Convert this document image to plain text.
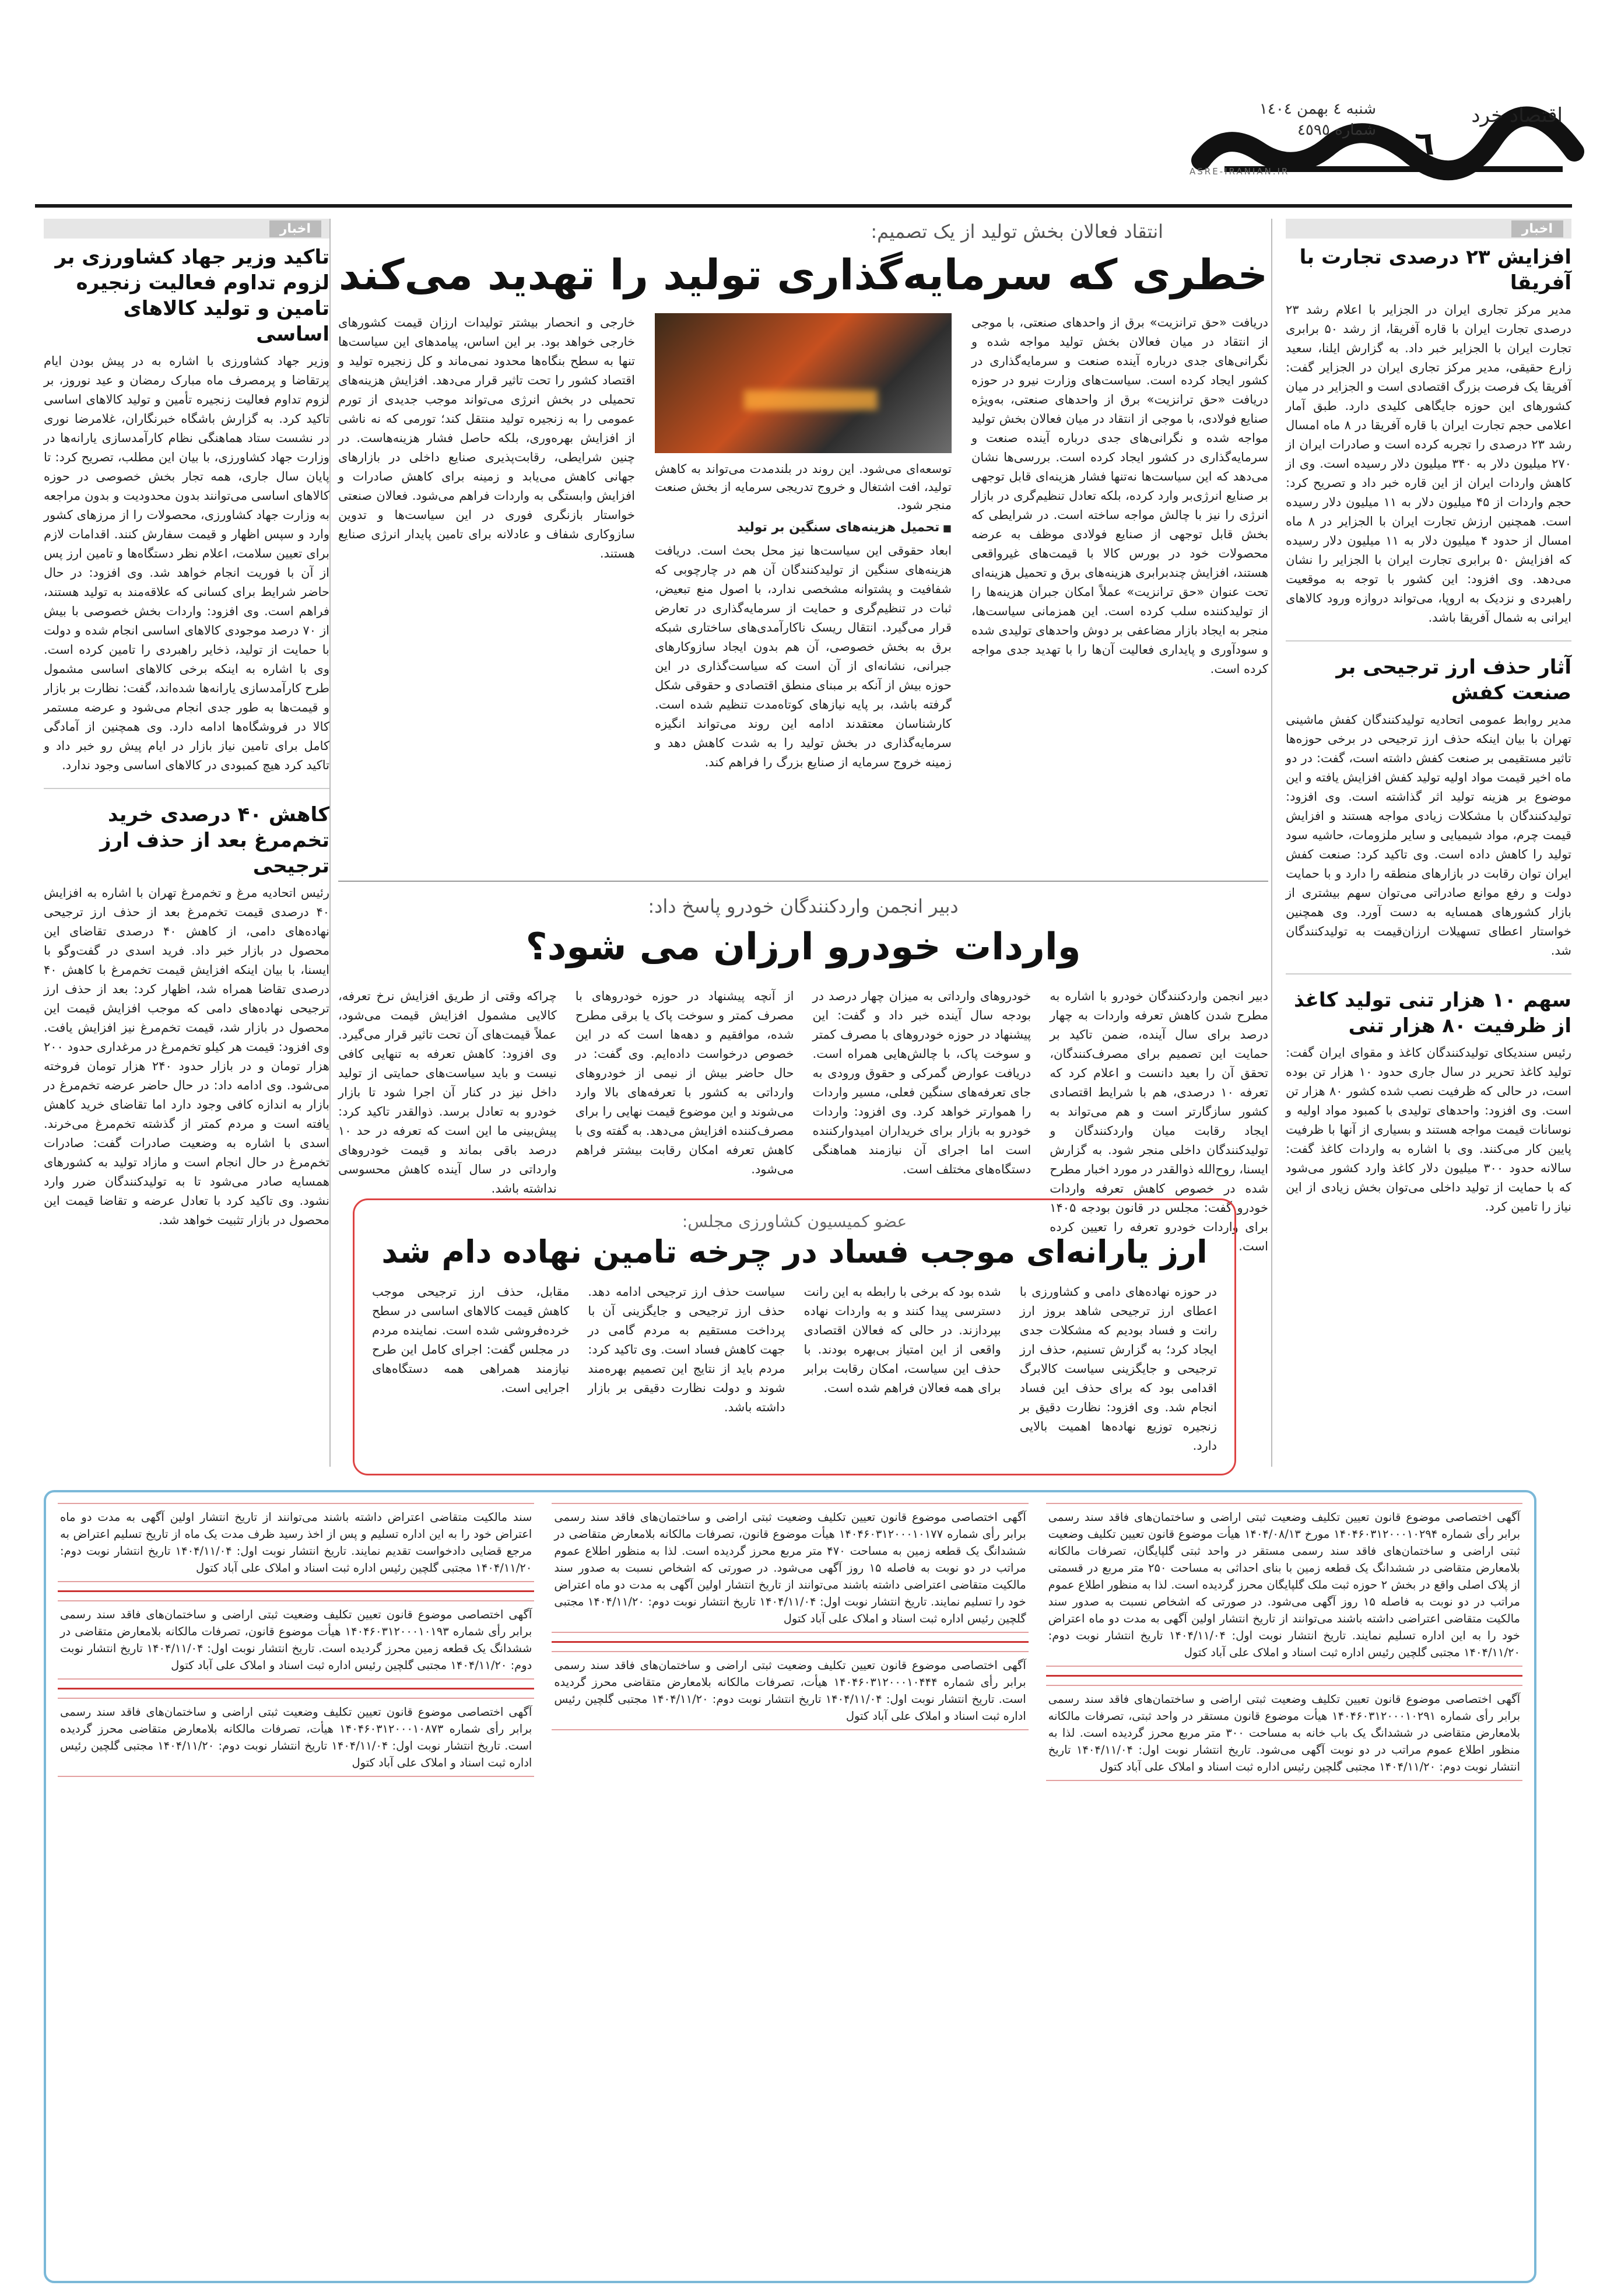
ASRE-IRANIAN.IR
اقتصاد خرد
٦
شنبه ٤ بهمن ١٤٠٤
شماره ٤٥٩٥
اخبار
افزایش ۲۳ درصدی تجارت با آفریقا
مدیر مرکز تجاری ایران در الجزایر با اعلام رشد ۲۳ درصدی تجارت ایران با قاره آفریقا، از رشد ۵۰ برابری تجارت ایران با الجزایر خبر داد. به گزارش ایلنا، سعید زارع حقیقی، مدیر مرکز تجاری ایران در الجزایر گفت: آفریقا یک فرصت بزرگ اقتصادی است و الجزایر در میان کشورهای این حوزه جایگاهی کلیدی دارد. طبق آمار اعلامی حجم تجارت ایران با قاره آفریقا در ۸ ماه امسال رشد ۲۳ درصدی را تجربه کرده است و صادرات ایران از ۲۷۰ میلیون دلار به ۳۴۰ میلیون دلار رسیده است. وی از کاهش واردات ایران از این قاره خبر داد و تصریح کرد: حجم واردات از ۴۵ میلیون دلار به ۱۱ میلیون دلار رسیده است. همچنین ارزش تجارت ایران با الجزایر در ۸ ماه امسال از حدود ۴ میلیون دلار به ۱۱ میلیون دلار رسیده که افزایش ۵۰ برابری تجارت ایران با الجزایر را نشان می‌دهد. وی افزود: این کشور با توجه به موقعیت راهبردی و نزدیک به اروپا، می‌تواند دروازه ورود کالاهای ایرانی به شمال آفریقا باشد.
آثار حذف ارز ترجیحی بر صنعت کفش
مدیر روابط عمومی اتحادیه تولیدکنندگان کفش ماشینی تهران با بیان اینکه حذف ارز ترجیحی در برخی حوزه‌ها تاثیر مستقیمی بر صنعت کفش داشته است، گفت: در دو ماه اخیر قیمت مواد اولیه تولید کفش افزایش یافته و این موضوع بر هزینه تولید اثر گذاشته است. وی افزود: تولیدکنندگان با مشکلات زیادی مواجه هستند و افزایش قیمت چرم، مواد شیمیایی و سایر ملزومات، حاشیه سود تولید را کاهش داده است. وی تاکید کرد: صنعت کفش ایران توان رقابت در بازارهای منطقه را دارد و با حمایت دولت و رفع موانع صادراتی می‌توان سهم بیشتری از بازار کشورهای همسایه به دست آورد. وی همچنین خواستار اعطای تسهیلات ارزان‌قیمت به تولیدکنندگان شد.
سهم ۱۰ هزار تنی تولید کاغذ از ظرفیت ۸۰ هزار تنی
رئیس سندیکای تولیدکنندگان کاغذ و مقوای ایران گفت: تولید کاغذ تحریر در سال جاری حدود ۱۰ هزار تن بوده است، در حالی که ظرفیت نصب شده کشور ۸۰ هزار تن است. وی افزود: واحدهای تولیدی با کمبود مواد اولیه و نوسانات قیمت مواجه هستند و بسیاری از آنها با ظرفیت پایین کار می‌کنند. وی با اشاره به واردات کاغذ گفت: سالانه حدود ۳۰۰ میلیون دلار کاغذ وارد کشور می‌شود که با حمایت از تولید داخلی می‌توان بخش زیادی از این نیاز را تامین کرد.

انتقاد فعالان بخش تولید از یک تصمیم:

خطری که سرمایه‌گذاری تولید را تهدید می‌کند
دریافت «حق ترانزیت» برق از واحدهای صنعتی، با موجی از انتقاد در میان فعالان بخش تولید مواجه شده و نگرانی‌های جدی درباره آینده صنعت و سرمایه‌گذاری در کشور ایجاد کرده است. سیاست‌های وزارت نیرو در حوزه دریافت «حق ترانزیت» برق از واحدهای صنعتی، به‌ویژه صنایع فولادی، با موجی از انتقاد در میان فعالان بخش تولید مواجه شده و نگرانی‌های جدی درباره آینده صنعت و سرمایه‌گذاری در کشور ایجاد کرده است. بررسی‌ها نشان می‌دهد که این سیاست‌ها نه‌تنها فشار هزینه‌ای قابل توجهی بر صنایع انرژی‌بر وارد کرده، بلکه تعادل تنظیم‌گری در بازار انرژی را نیز با چالش مواجه ساخته است. در شرایطی که بخش قابل توجهی از صنایع فولادی موظف به عرضه محصولات خود در بورس کالا با قیمت‌های غیرواقعی هستند، افزایش چندبرابری هزینه‌های برق و تحمیل هزینه‌ای تحت عنوان «حق ترانزیت» عملاً امکان جبران هزینه‌ها را از تولیدکننده سلب کرده است. این همزمانی سیاست‌ها، منجر به ایجاد بازار مضاعفی بر دوش واحدهای تولیدی شده و سودآوری و پایداری فعالیت آن‌ها را با تهدید جدی مواجه کرده است.
توسعه‌ای می‌شود. این روند در بلندمدت می‌تواند به کاهش تولید، افت اشتغال و خروج تدریجی سرمایه از بخش صنعت منجر شود.
■ تحمیل هزینه‌های سنگین بر تولید
ابعاد حقوقی این سیاست‌ها نیز محل بحث است. دریافت هزینه‌های سنگین از تولیدکنندگان آن هم در چارچوبی که شفافیت و پشتوانه مشخصی ندارد، با اصول منع تبعیض، ثبات در تنظیم‌گری و حمایت از سرمایه‌گذاری در تعارض قرار می‌گیرد. انتقال ریسک ناکارآمدی‌های ساختاری شبکه برق به بخش خصوصی، آن هم بدون ایجاد سازوکارهای جبرانی، نشانه‌ای از آن است که سیاست‌گذاری در این حوزه بیش از آنکه بر مبنای منطق اقتصادی و حقوقی شکل گرفته باشد، بر پایه نیازهای کوتاه‌مدت تنظیم شده است. کارشناسان معتقدند ادامه این روند می‌تواند انگیزه سرمایه‌گذاری در بخش تولید را به شدت کاهش دهد و زمینه خروج سرمایه از صنایع بزرگ را فراهم کند.
خارجی و انحصار بیشتر تولیدات ارزان قیمت کشورهای خارجی خواهد بود. بر این اساس، پیامدهای این سیاست‌ها تنها به سطح بنگاه‌ها محدود نمی‌ماند و کل زنجیره تولید و اقتصاد کشور را تحت تاثیر قرار می‌دهد. افزایش هزینه‌های تحمیلی در بخش انرژی می‌تواند موجب جدیدی از تورم عمومی را به زنجیره تولید منتقل کند؛ تورمی که نه ناشی از افزایش بهره‌وری، بلکه حاصل فشار هزینه‌هاست. در چنین شرایطی، رقابت‌پذیری صنایع داخلی در بازارهای جهانی کاهش می‌یابد و زمینه برای کاهش صادرات و افزایش وابستگی به واردات فراهم می‌شود. فعالان صنعتی خواستار بازنگری فوری در این سیاست‌ها و تدوین سازوکاری شفاف و عادلانه برای تامین پایدار انرژی صنایع هستند.

دبیر انجمن واردکنندگان خودرو پاسخ داد:

واردات خودرو ارزان می شود؟
دبیر انجمن واردکنندگان خودرو با اشاره به مطرح شدن کاهش تعرفه واردات به چهار درصد برای سال آینده، ضمن تاکید بر حمایت این تصمیم برای مصرف‌کنندگان، تحقق آن را بعید دانست و اعلام کرد که تعرفه ۱۰ درصدی، هم با شرایط اقتصادی کشور سازگارتر است و هم می‌تواند به ایجاد رقابت میان واردکنندگان و تولیدکنندگان داخلی منجر شود. به گزارش ایسنا، روح‌الله ذوالقدر در مورد اخبار مطرح شده در خصوص کاهش تعرفه واردات خودرو گفت: مجلس در قانون بودجه ۱۴۰۵ برای واردات خودرو تعرفه را تعیین کرده است.
خودروهای وارداتی به میزان چهار درصد در بودجه سال آینده خبر داد و گفت: این پیشنهاد در حوزه خودروهای با مصرف کمتر و سوخت پاک، با چالش‌هایی همراه است. دریافت عوارض گمرکی و حقوق ورودی به جای تعرفه‌های سنگین فعلی، مسیر واردات را هموارتر خواهد کرد. وی افزود: واردات خودرو به بازار برای خریداران امیدوارکننده است اما اجرای آن نیازمند هماهنگی دستگاه‌های مختلف است.
از آنچه پیشنهاد در حوزه خودروهای با مصرف کمتر و سوخت پاک یا برقی مطرح شده، موافقیم و دهه‌ها است که در این خصوص درخواست داده‌ایم. وی گفت: در حال حاضر بیش از نیمی از خودروهای وارداتی به کشور با تعرفه‌های بالا وارد می‌شوند و این موضوع قیمت نهایی را برای مصرف‌کننده افزایش می‌دهد. به گفته وی با کاهش تعرفه امکان رقابت بیشتر فراهم می‌شود.
چراکه وقتی از طریق افزایش نرخ تعرفه، کالایی مشمول افزایش قیمت می‌شود، عملاً قیمت‌های آن تحت تاثیر قرار می‌گیرد. وی افزود: کاهش تعرفه به تنهایی کافی نیست و باید سیاست‌های حمایتی از تولید داخل نیز در کنار آن اجرا شود تا بازار خودرو به تعادل برسد. ذوالقدر تاکید کرد: پیش‌بینی ما این است که تعرفه در حد ۱۰ درصد باقی بماند و قیمت خودروهای وارداتی در سال آینده کاهش محسوسی نداشته باشد.

عضو کمیسیون کشاورزی مجلس:

ارز یارانه‌ای موجب فساد در چرخه تامین نهاده دام شد
در حوزه نهاده‌های دامی و کشاورزی با اعطای ارز ترجیحی شاهد بروز ارز رانت و فساد بودیم که مشکلات جدی ایجاد کرد؛ به گزارش تسنیم، حذف ارز ترجیحی و جایگزینی سیاست کالابرگ اقدامی بود که برای حذف این فساد انجام شد. وی افزود: نظارت دقیق بر زنجیره توزیع نهاده‌ها اهمیت بالایی دارد.
شده بود که برخی با رابطه به این رانت دسترسی پیدا کنند و به واردات نهاده بپردازند. در حالی که فعالان اقتصادی واقعی از این امتیاز بی‌بهره بودند. با حذف این سیاست، امکان رقابت برابر برای همه فعالان فراهم شده است.
سیاست حذف ارز ترجیحی ادامه دهد. حذف ارز ترجیحی و جایگزینی آن با پرداخت مستقیم به مردم گامی در جهت کاهش فساد است. وی تاکید کرد: مردم باید از نتایج این تصمیم بهره‌مند شوند و دولت نظارت دقیقی بر بازار داشته باشد.
مقابل، حذف ارز ترجیحی موجب کاهش قیمت کالاهای اساسی در سطح خرده‌فروشی شده است. نماینده مردم در مجلس گفت: اجرای کامل این طرح نیازمند همراهی همه دستگاه‌های اجرایی است.
اخبار
تاکید وزیر جهاد کشاورزی بر لزوم تداوم فعالیت زنجیره تامین و تولید کالاهای اساسی
وزیر جهاد کشاورزی با اشاره به در پیش بودن ایام پرتقاضا و پرمصرف ماه مبارک رمضان و عید نوروز، بر لزوم تداوم فعالیت زنجیره تأمین و تولید کالاهای اساسی تاکید کرد. به گزارش باشگاه خبرنگاران، غلامرضا نوری در نشست ستاد هماهنگی نظام کارآمدسازی یارانه‌ها در وزارت جهاد کشاورزی، با بیان این مطلب، تصریح کرد: تا پایان سال جاری، همه تجار بخش خصوصی در حوزه کالاهای اساسی می‌توانند بدون محدودیت و بدون مراجعه به وزارت جهاد کشاورزی، محصولات را از مرزهای کشور وارد و سپس اظهار و قیمت سفارش کنند. اقدامات لازم برای تعیین سلامت، اعلام نظر دستگاه‌ها و تامین ارز پس از آن با فوریت انجام خواهد شد. وی افزود: در حال حاضر شرایط برای کسانی که علاقه‌مند به تولید هستند، فراهم است. وی افزود: واردات بخش خصوصی با بیش از ۷۰ درصد موجودی کالاهای اساسی انجام شده و دولت با حمایت از تولید، ذخایر راهبردی را تامین کرده است. وی با اشاره به اینکه برخی کالاهای اساسی مشمول طرح کارآمدسازی یارانه‌ها شده‌اند، گفت: نظارت بر بازار و قیمت‌ها به طور جدی انجام می‌شود و عرضه مستمر کالا در فروشگاه‌ها ادامه دارد. وی همچنین از آمادگی کامل برای تامین نیاز بازار در ایام پیش رو خبر داد و تاکید کرد هیچ کمبودی در کالاهای اساسی وجود ندارد.
کاهش ۴۰ درصدی خرید تخم‌مرغ بعد از حذف ارز ترجیحی
رئیس اتحادیه مرغ و تخم‌مرغ تهران با اشاره به افزایش ۴۰ درصدی قیمت تخم‌مرغ بعد از حذف ارز ترجیحی نهاده‌های دامی، از کاهش ۴۰ درصدی تقاضای این محصول در بازار خبر داد. فرید اسدی در گفت‌وگو با ایسنا، با بیان اینکه افزایش قیمت تخم‌مرغ با کاهش ۴۰ درصدی تقاضا همراه شد، اظهار کرد: بعد از حذف ارز ترجیحی نهاده‌های دامی که موجب افزایش قیمت این محصول در بازار شد، قیمت تخم‌مرغ نیز افزایش یافت. وی افزود: قیمت هر کیلو تخم‌مرغ در مرغداری حدود ۲۰۰ هزار تومان و در بازار حدود ۲۴۰ هزار تومان فروخته می‌شود. وی ادامه داد: در حال حاضر عرضه تخم‌مرغ در بازار به اندازه کافی وجود دارد اما تقاضای خرید کاهش یافته است و مردم کمتر از گذشته تخم‌مرغ می‌خرند. اسدی با اشاره به وضعیت صادرات گفت: صادرات تخم‌مرغ در حال انجام است و مازاد تولید به کشورهای همسایه صادر می‌شود تا به تولیدکنندگان ضرر وارد نشود. وی تاکید کرد با تعادل عرضه و تقاضا قیمت این محصول در بازار تثبیت خواهد شد.
آگهی اختصاصی موضوع قانون تعیین تکلیف وضعیت ثبتی اراضی و ساختمان‌های فاقد سند رسمی برابر رأی شماره ۱۴۰۴۶۰۳۱۲۰۰۰۱۰۲۹۴ مورخ ۱۴۰۴/۰۸/۱۳ هیأت موضوع قانون تعیین تکلیف وضعیت ثبتی اراضی و ساختمان‌های فاقد سند رسمی مستقر در واحد ثبتی گلپایگان، تصرفات مالکانه بلامعارض متقاضی در ششدانگ یک قطعه زمین با بنای احداثی به مساحت ۲۵۰ متر مربع در قسمتی از پلاک اصلی واقع در بخش ۲ حوزه ثبت ملک گلپایگان محرز گردیده است. لذا به منظور اطلاع عموم مراتب در دو نوبت به فاصله ۱۵ روز آگهی می‌شود. در صورتی که اشخاص نسبت به صدور سند مالکیت متقاضی اعتراضی داشته باشند می‌توانند از تاریخ انتشار اولین آگهی به مدت دو ماه اعتراض خود را به این اداره تسلیم نمایند. تاریخ انتشار نوبت اول: ۱۴۰۴/۱۱/۰۴ تاریخ انتشار نوبت دوم: ۱۴۰۴/۱۱/۲۰ مجتبی گلچین رئیس اداره ثبت اسناد و املاک علی آباد کتول
آگهی اختصاصی موضوع قانون تعیین تکلیف وضعیت ثبتی اراضی و ساختمان‌های فاقد سند رسمی برابر رأی شماره ۱۴۰۴۶۰۳۱۲۰۰۰۱۰۲۹۱ هیأت موضوع قانون مستقر در واحد ثبتی، تصرفات مالکانه بلامعارض متقاضی در ششدانگ یک باب خانه به مساحت ۳۰۰ متر مربع محرز گردیده است. لذا به منظور اطلاع عموم مراتب در دو نوبت آگهی می‌شود. تاریخ انتشار نوبت اول: ۱۴۰۴/۱۱/۰۴ تاریخ انتشار نوبت دوم: ۱۴۰۴/۱۱/۲۰ مجتبی گلچین رئیس اداره ثبت اسناد و املاک علی آباد کتول
آگهی اختصاصی موضوع قانون تعیین تکلیف وضعیت ثبتی اراضی و ساختمان‌های فاقد سند رسمی برابر رأی شماره ۱۴۰۴۶۰۳۱۲۰۰۰۱۰۱۷۷ هیأت موضوع قانون، تصرفات مالکانه بلامعارض متقاضی در ششدانگ یک قطعه زمین به مساحت ۴۷۰ متر مربع محرز گردیده است. لذا به منظور اطلاع عموم مراتب در دو نوبت به فاصله ۱۵ روز آگهی می‌شود. در صورتی که اشخاص نسبت به صدور سند مالکیت متقاضی اعتراضی داشته باشند می‌توانند از تاریخ انتشار اولین آگهی به مدت دو ماه اعتراض خود را تسلیم نمایند. تاریخ انتشار نوبت اول: ۱۴۰۴/۱۱/۰۴ تاریخ انتشار نوبت دوم: ۱۴۰۴/۱۱/۲۰ مجتبی گلچین رئیس اداره ثبت اسناد و املاک علی آباد کتول
آگهی اختصاصی موضوع قانون تعیین تکلیف وضعیت ثبتی اراضی و ساختمان‌های فاقد سند رسمی برابر رأی شماره ۱۴۰۴۶۰۳۱۲۰۰۰۱۰۴۴۴ هیأت، تصرفات مالکانه بلامعارض متقاضی محرز گردیده است. تاریخ انتشار نوبت اول: ۱۴۰۴/۱۱/۰۴ تاریخ انتشار نوبت دوم: ۱۴۰۴/۱۱/۲۰ مجتبی گلچین رئیس اداره ثبت اسناد و املاک علی آباد کتول
سند مالکیت متقاضی اعتراض داشته باشند می‌توانند از تاریخ انتشار اولین آگهی به مدت دو ماه اعتراض خود را به این اداره تسلیم و پس از اخذ رسید ظرف مدت یک ماه از تاریخ تسلیم اعتراض به مرجع قضایی دادخواست تقدیم نمایند. تاریخ انتشار نوبت اول: ۱۴۰۴/۱۱/۰۴ تاریخ انتشار نوبت دوم: ۱۴۰۴/۱۱/۲۰ مجتبی گلچین رئیس اداره ثبت اسناد و املاک علی آباد کتول
آگهی اختصاصی موضوع قانون تعیین تکلیف وضعیت ثبتی اراضی و ساختمان‌های فاقد سند رسمی برابر رأی شماره ۱۴۰۴۶۰۳۱۲۰۰۰۱۰۱۹۳ هیأت موضوع قانون، تصرفات مالکانه بلامعارض متقاضی در ششدانگ یک قطعه زمین محرز گردیده است. تاریخ انتشار نوبت اول: ۱۴۰۴/۱۱/۰۴ تاریخ انتشار نوبت دوم: ۱۴۰۴/۱۱/۲۰ مجتبی گلچین رئیس اداره ثبت اسناد و املاک علی آباد کتول
آگهی اختصاصی موضوع قانون تعیین تکلیف وضعیت ثبتی اراضی و ساختمان‌های فاقد سند رسمی برابر رأی شماره ۱۴۰۴۶۰۳۱۲۰۰۰۱۰۸۷۳ هیأت، تصرفات مالکانه بلامعارض متقاضی محرز گردیده است. تاریخ انتشار نوبت اول: ۱۴۰۴/۱۱/۰۴ تاریخ انتشار نوبت دوم: ۱۴۰۴/۱۱/۲۰ مجتبی گلچین رئیس اداره ثبت اسناد و املاک علی آباد کتول
